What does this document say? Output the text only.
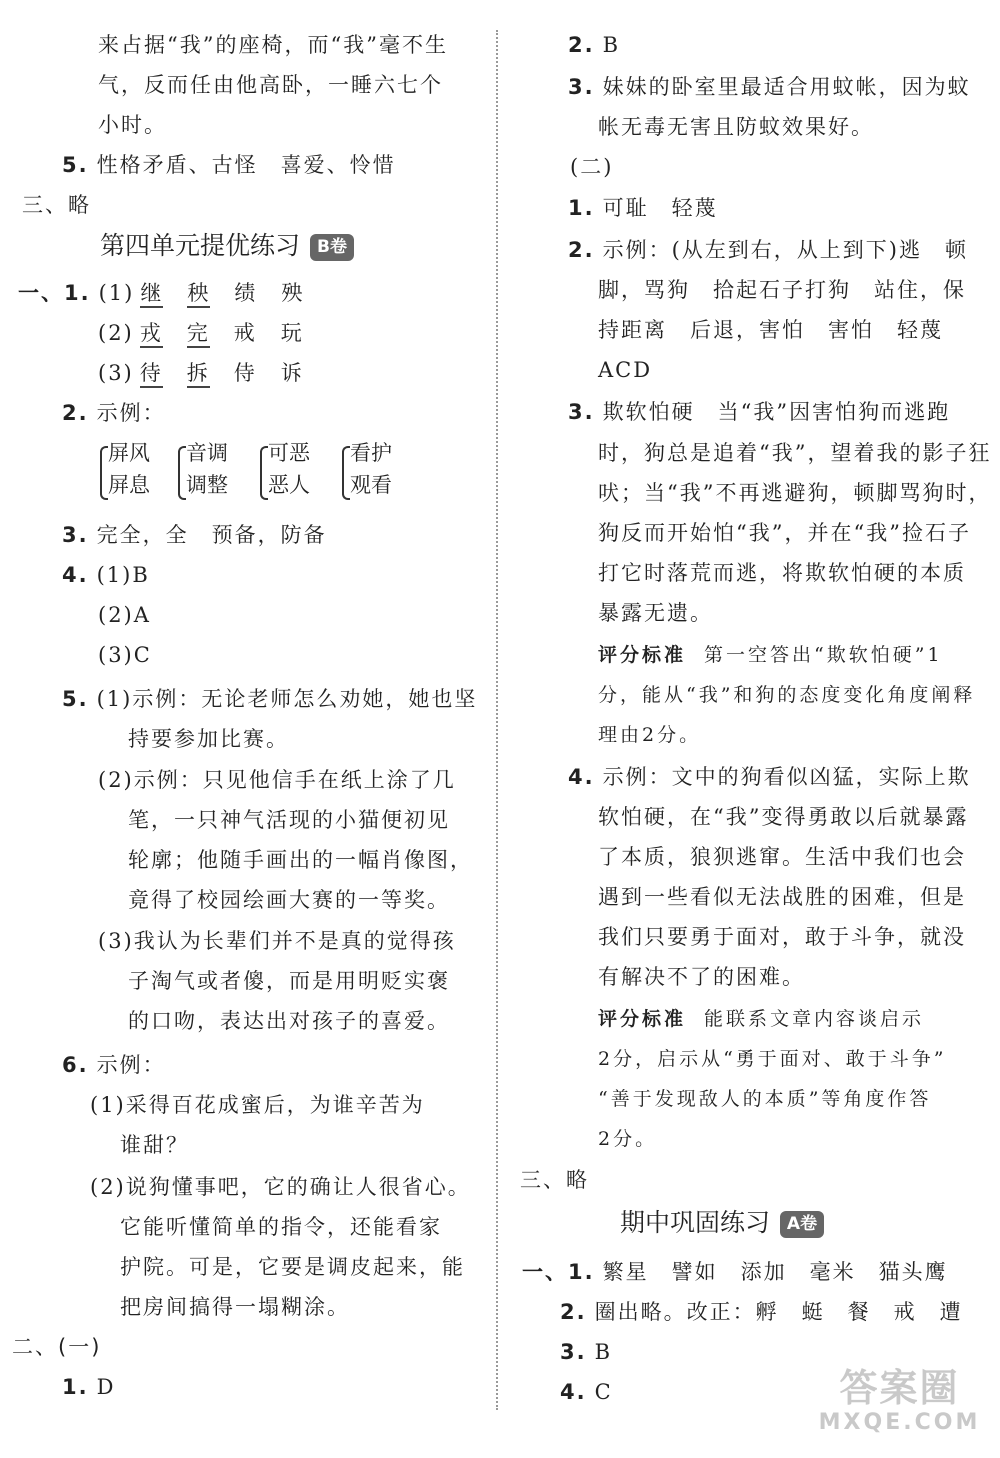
来占据“我”的座椅，而“我”毫不生
气，反而任由他高卧，一睡六七个
小时。
5. 性格矛盾、古怪　喜爱、怜惜
三、略
第四单元提优练习 B卷
一、1. (1) 继 秧 绩 殃
(2) 戎 完 戒 玩
(3) 待 拆 侍 诉
2. 示例：
屏风
屏息
音调
调整
可恶
恶人
看护
观看
3. 完全，全　预备，防备
4. (1)B
(2)A
(3)C
5. (1)示例：无论老师怎么劝她，她也坚
持要参加比赛。
(2)示例：只见他信手在纸上涂了几
笔，一只神气活现的小猫便初见
轮廓；他随手画出的一幅肖像图，
竟得了校园绘画大赛的一等奖。
(3)我认为长辈们并不是真的觉得孩
子淘气或者傻，而是用明贬实褒
的口吻，表达出对孩子的喜爱。
6. 示例：
(1)采得百花成蜜后，为谁辛苦为
谁甜？
(2)说狗懂事吧，它的确让人很省心。
它能听懂简单的指令，还能看家
护院。可是，它要是调皮起来，能
把房间搞得一塌糊涂。
二、(一)
1. D
2. B
3. 妹妹的卧室里最适合用蚊帐，因为蚊
帐无毒无害且防蚊效果好。
(二)
1. 可耻　轻蔑
2. 示例：(从左到右，从上到下)逃　顿
脚，骂狗　拾起石子打狗　站住，保
持距离　后退，害怕　害怕　轻蔑
ACD
3. 欺软怕硬　当“我”因害怕狗而逃跑
时，狗总是追着“我”，望着我的影子狂
吠；当“我”不再逃避狗，顿脚骂狗时，
狗反而开始怕“我”，并在“我”捡石子
打它时落荒而逃，将欺软怕硬的本质
暴露无遗。
评分标准 第一空答出“欺软怕硬”1
分，能从“我”和狗的态度变化角度阐释
理由2分。
4. 示例：文中的狗看似凶猛，实际上欺
软怕硬，在“我”变得勇敢以后就暴露
了本质，狼狈逃窜。生活中我们也会
遇到一些看似无法战胜的困难，但是
我们只要勇于面对，敢于斗争，就没
有解决不了的困难。
评分标准 能联系文章内容谈启示
2分，启示从“勇于面对、敢于斗争”
“善于发现敌人的本质”等角度作答
2分。
三、略
期中巩固练习 A卷
一、1. 繁星　譬如　添加　毫米　猫头鹰
2. 圈出略。改正：孵　蜓　餐　戒　遭
3. B
4. C	答案圈
MXQE.COM
